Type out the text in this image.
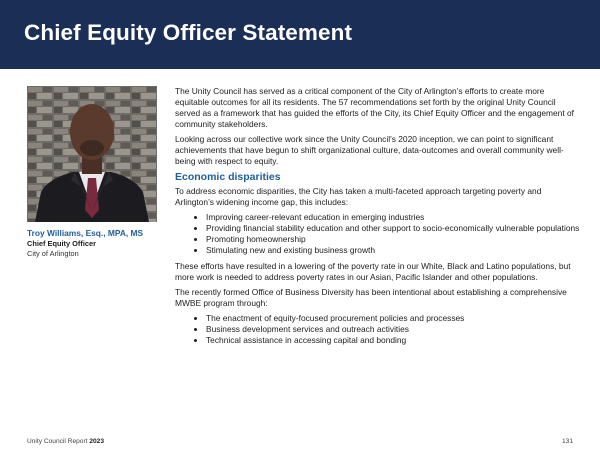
Chief Equity Officer Statement
Troy Williams, Esq., MPA, MS
Chief Equity Officer
City of Arlington

The Unity Council has served as a critical component of the City of Arlington’s efforts to create more equitable outcomes for all its residents. The 57 recommendations set forth by the original Unity Council served as a framework that has guided the efforts of the City, its Chief Equity Officer and the engagement of community stakeholders.

Looking across our collective work since the Unity Council’s 2020 inception, we can point to significant achievements that have begun to shift organizational culture, data-outcomes and overall community well-being with respect to equity.

Economic disparities

To address economic disparities, the City has taken a multi-faceted approach targeting poverty and Arlington’s widening income gap, this includes:

• Improving career-relevant education in emerging industries
• Providing financial stability education and other support to socio-economically vulnerable populations
• Promoting homeownership
• Stimulating new and existing business growth

These efforts have resulted in a lowering of the poverty rate in our White, Black and Latino populations, but more work is needed to address poverty rates in our Asian, Pacific Islander and other populations.

The recently formed Office of Business Diversity has been intentional about establishing a comprehensive MWBE program through:

• The enactment of equity-focused procurement policies and processes
• Business development services and outreach activities
• Technical assistance in accessing capital and bonding
Unity Council Report 2023	131
